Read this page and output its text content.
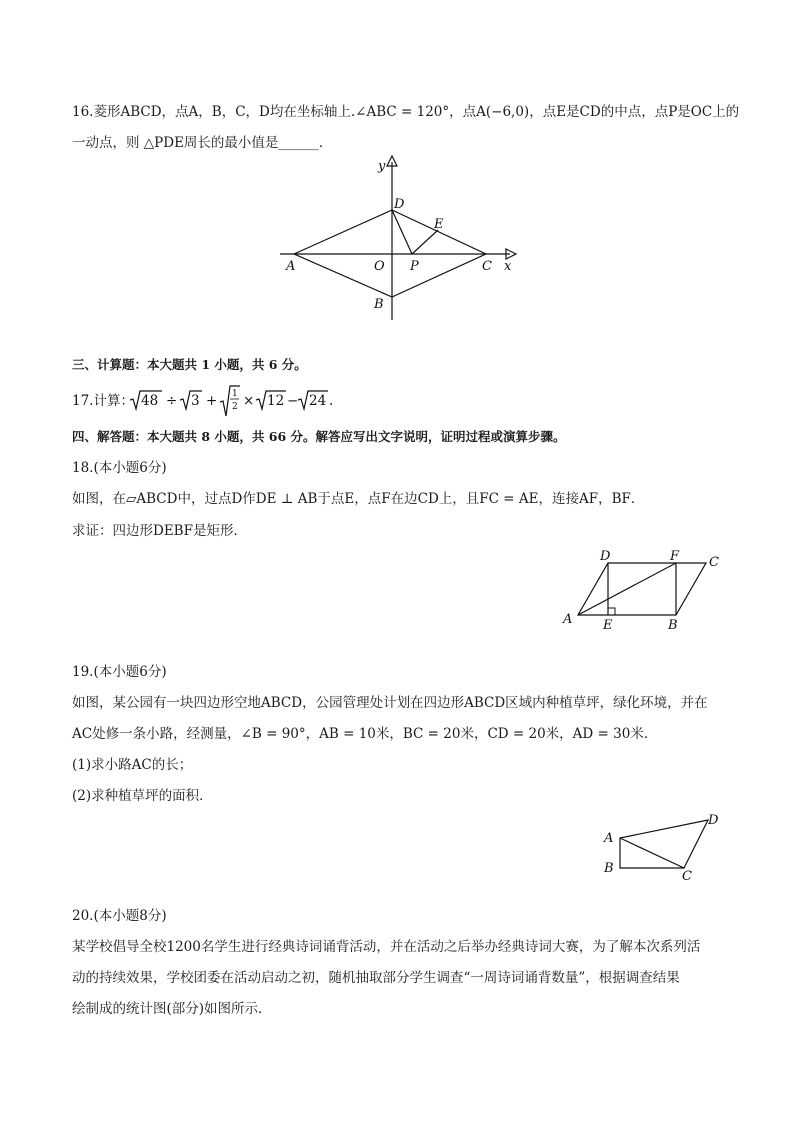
16.菱形ABCD，点A，B，C，D均在坐标轴上.∠ABC = 120°，点A(−6,0)，点E是CD的中点，点P是OC上的
一动点，则 △PDE周长的最小值是______．
y
x
A
B
C
D
E
O P
三、计算题：本大题共 1 小题，共 6 分。
17.计算： 48 ÷ 3 + 1
2 × 12 − 24 .
四、解答题：本大题共 8 小题，共 66 分。解答应写出文字说明，证明过程或演算步骤。
18.(本小题6分)
如图，在▱ABCD中，过点D作DE ⊥ AB于点E，点F在边CD上，且FC = AE，连接AF，BF．
求证：四边形DEBF是矩形．
D	F C
A E	B
19.(本小题6分)
如图，某公园有一块四边形空地ABCD，公园管理处计划在四边形ABCD区域内种植草坪，绿化环境，并在
AC处修一条小路，经测量，∠B = 90°，AB = 10米，BC = 20米，CD = 20米，AD = 30米．
(1)求小路AC的长；
(2)求种植草坪的面积．
A
B
C
D
20.(本小题8分)
某学校倡导全校1200名学生进行经典诗词诵背活动，并在活动之后举办经典诗词大赛，为了解本次系列活
动的持续效果，学校团委在活动启动之初，随机抽取部分学生调查“一周诗词诵背数量”，根据调查结果
绘制成的统计图(部分)如图所示．
